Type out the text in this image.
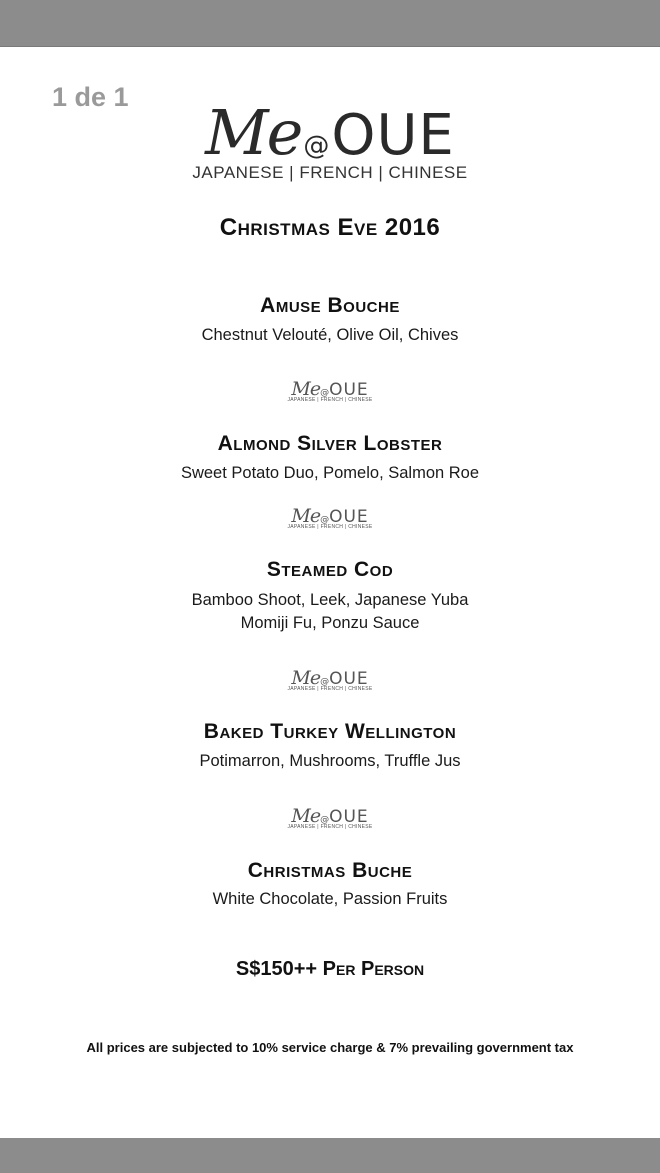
1 de 1 Me @ OUE
JAPANESE | FRENCH | CHINESE
Christmas Eve 2016
Amuse Bouche
Chestnut Velouté, Olive Oil, Chives
Me @ OUE
JAPANESE | FRENCH | CHINESE
Almond Silver Lobster
Sweet Potato Duo, Pomelo, Salmon Roe
Me @ OUE
JAPANESE | FRENCH | CHINESE
Steamed Cod
Bamboo Shoot, Leek, Japanese Yuba
Momiji Fu, Ponzu Sauce
Me @ OUE
JAPANESE | FRENCH | CHINESE
Baked Turkey Wellington
Potimarron, Mushrooms, Truffle Jus
Me @ OUE
JAPANESE | FRENCH | CHINESE
Christmas Buche
White Chocolate, Passion Fruits
S$150++ Per Person
All prices are subjected to 10% service charge & 7% prevailing government tax
